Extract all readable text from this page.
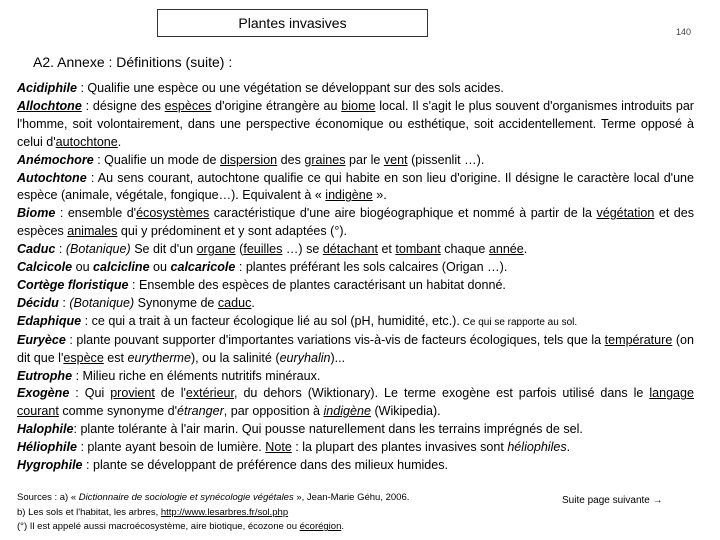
Plantes invasives
140
A2. Annexe : Définitions (suite) :

Acidiphile : Qualifie une espèce ou une végétation se développant sur des sols acides.

Allochtone : désigne des espèces d'origine étrangère au biome local. Il s'agit le plus souvent d'organismes introduits par l'homme, soit volontairement, dans une perspective économique ou esthétique, soit accidentellement. Terme opposé à celui d'autochtone.

Anémochore : Qualifie un mode de dispersion des graines par le vent (pissenlit …).

Autochtone : Au sens courant, autochtone qualifie ce qui habite en son lieu d'origine. Il désigne le caractère local d'une espèce (animale, végétale, fongique…). Equivalent à « indigène ».

Biome : ensemble d'écosystèmes caractéristique d'une aire biogéographique et nommé à partir de la végétation et des espèces animales qui y prédominent et y sont adaptées (°).

Caduc : (Botanique) Se dit d'un organe (feuilles …) se détachant et tombant chaque année.

Calcicole ou calcicline ou calcaricole : plantes préférant les sols calcaires (Origan …).

Cortège floristique : Ensemble des espèces de plantes caractérisant un habitat donné.

Décidu : (Botanique) Synonyme de caduc.

Edaphique : ce qui a trait à un facteur écologique lié au sol (pH, humidité, etc.). Ce qui se rapporte au sol.

Euryèce : plante pouvant supporter d'importantes variations vis-à-vis de facteurs écologiques, tels que la température (on dit que l'espèce est eurytherme), ou la salinité (euryhalin)...

Eutrophe : Milieu riche en éléments nutritifs minéraux.

Exogène : Qui provient de l'extérieur, du dehors (Wiktionary). Le terme exogène est parfois utilisé dans le langage courant comme synonyme d'étranger, par opposition à indigène (Wikipedia).

Halophile: plante tolérante à l'air marin. Qui pousse naturellement dans les terrains imprégnés de sel.

Héliophile : plante ayant besoin de lumière. Note : la plupart des plantes invasives sont héliophiles.

Hygrophile : plante se développant de préférence dans des milieux humides.

Sources : a) « Dictionnaire de sociologie et synécologie végétales », Jean-Marie Géhu, 2006.

b) Les sols et l'habitat, les arbres, http://www.lesarbres.fr/sol.php

(°) Il est appelé aussi macroécosystème, aire biotique, écozone ou écorégion.

Suite page suivante →
